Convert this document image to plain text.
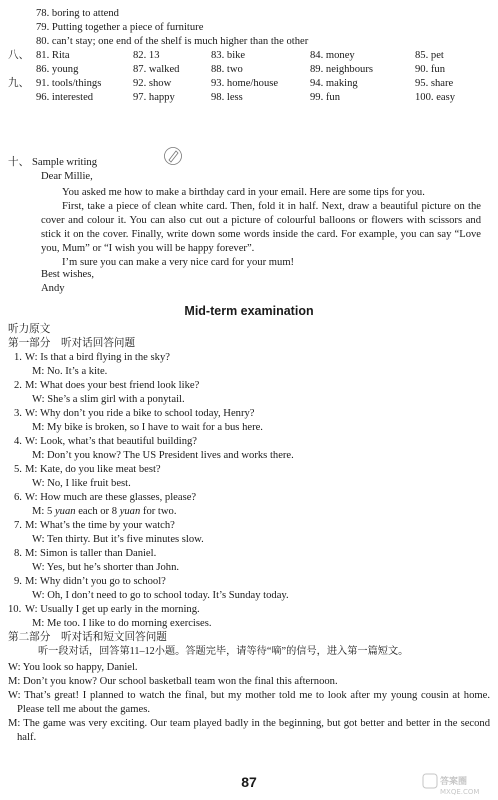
78. boring to attend
79. Putting together a piece of furniture
80. can’t stay; one end of the shelf is much higher than the other
八、 81. Rita	82. 13	83. bike	84. money	85. pet
86. young	87. walked	88. two	89. neighbours	90. fun
九、 91. tools/things	92. show	93. home/house	94. making	95. share
96. interested	97. happy	98. less	99. fun	100. easy
十、 Sample writing
Dear Millie,
You asked me how to make a birthday card in your email. Here are some tips for you.
First, take a piece of clean white card. Then, fold it in half. Next, draw a beautiful picture on the cover and colour it. You can also cut out a picture of colourful balloons or flowers with scissors and stick it on the cover. Finally, write down some words inside the card. For example, you can say “Love you, Mum” or “I wish you will be happy forever”.
I’m sure you can make a very nice card for your mum!
Best wishes,
Andy
Mid-term examination
听力原文
第一部分　听对话回答问题
1. W: Is that a bird flying in the sky?
M: No. It’s a kite.
2. M: What does your best friend look like?
W: She’s a slim girl with a ponytail.
3. W: Why don’t you ride a bike to school today, Henry?
M: My bike is broken, so I have to wait for a bus here.
4. W: Look, what’s that beautiful building?
M: Don’t you know? The US President lives and works there.
5. M: Kate, do you like meat best?
W: No, I like fruit best.
6. W: How much are these glasses, please?
M: 5 yuan each or 8 yuan for two.
7. M: What’s the time by your watch?
W: Ten thirty. But it’s five minutes slow.
8. M: Simon is taller than Daniel.
W: Yes, but he’s shorter than John.
9. M: Why didn’t you go to school?
W: Oh, I don’t need to go to school today. It’s Sunday today.
10. W: Usually I get up early in the morning.
M: Me too. I like to do morning exercises.
第二部分　听对话和短文回答问题
听一段对话，回答第11–12小题。答题完毕，请等待“嘀”的信号，进入第一篇短文。

W: You look so happy, Daniel.

M: Don’t you know? Our school basketball team won the final this afternoon.

W: That’s great! I planned to watch the final, but my mother told me to look after my young cousin at home. Please tell me about the games.

M: The game was very exciting. Our team played badly in the beginning, but got better and better in the second half.

87	答案圈
MXQE.COM
